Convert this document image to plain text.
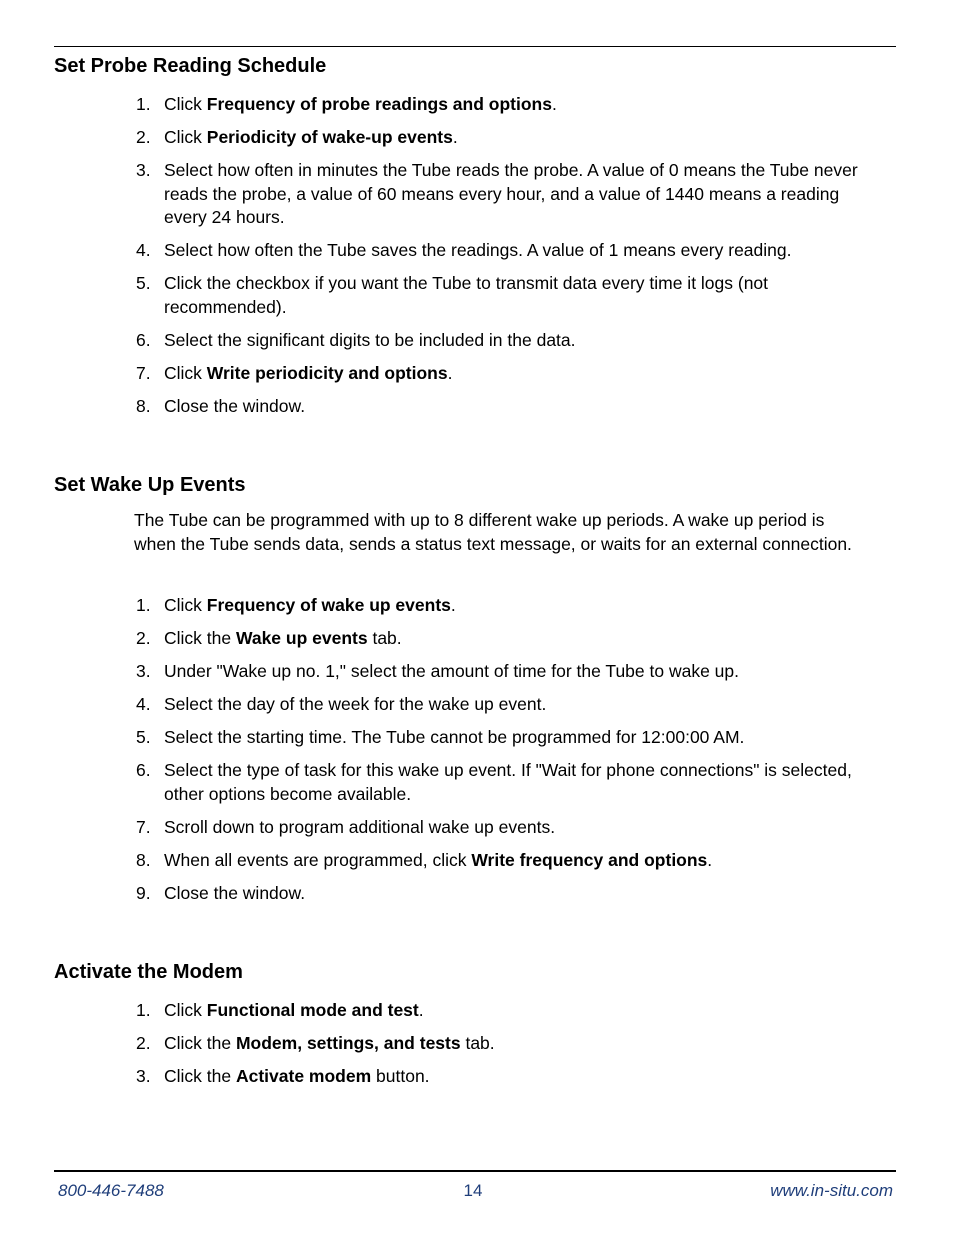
Set Probe Reading Schedule
1. Click Frequency of probe readings and options.
2. Click Periodicity of wake-up events.
3. Select how often in minutes the Tube reads the probe. A value of 0 means the Tube never reads the probe, a value of 60 means every hour, and a value of 1440 means a reading every 24 hours.
4. Select how often the Tube saves the readings. A value of 1 means every reading.
5. Click the checkbox if you want the Tube to transmit data every time it logs (not recommended).
6. Select the significant digits to be included in the data.
7. Click Write periodicity and options.
8. Close the window.
Set Wake Up Events

The Tube can be programmed with up to 8 different wake up periods. A wake up period is when the Tube sends data, sends a status text message, or waits for an external connection.

1. Click Frequency of wake up events.
2. Click the Wake up events tab.
3. Under "Wake up no. 1," select the amount of time for the Tube to wake up.
4. Select the day of the week for the wake up event.
5. Select the starting time. The Tube cannot be programmed for 12:00:00 AM.
6. Select the type of task for this wake up event. If "Wait for phone connections" is selected, other options become available.
7. Scroll down to program additional wake up events.
8. When all events are programmed, click Write frequency and options.
9. Close the window.
Activate the Modem
1. Click Functional mode and test.
2. Click the Modem, settings, and tests tab.
3. Click the Activate modem button.
800-446-7488	14	www.in-situ.com
